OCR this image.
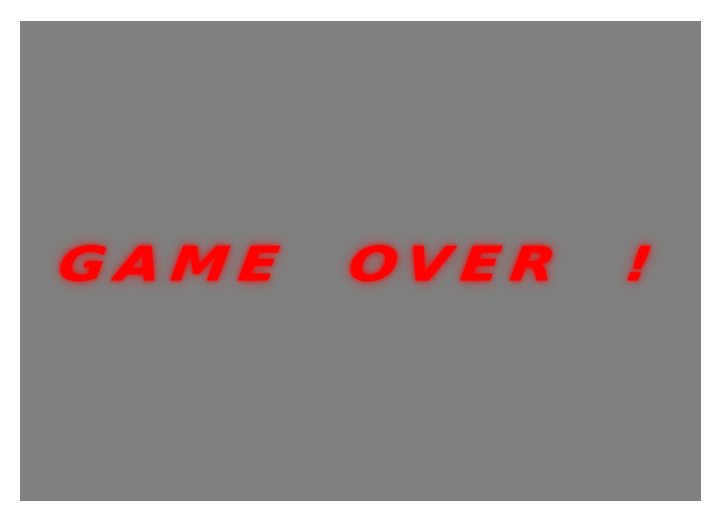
GAME  OVER  !
